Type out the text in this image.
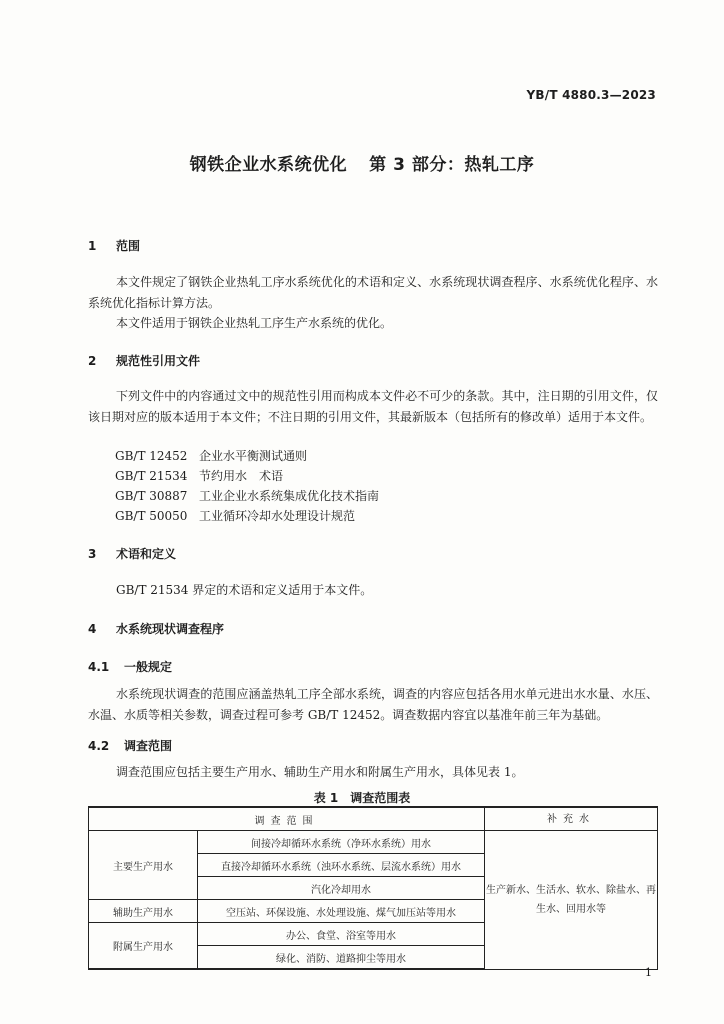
YB/T 4880.3—2023
钢铁企业水系统优化 第 3 部分：热轧工序
1 范围
本文件规定了钢铁企业热轧工序水系统优化的术语和定义、水系统现状调查程序、水系统优化程序、水系统优化指标计算方法。
本文件适用于钢铁企业热轧工序生产水系统的优化。
2 规范性引用文件
下列文件中的内容通过文中的规范性引用而构成本文件必不可少的条款。其中，注日期的引用文件，仅该日期对应的版本适用于本文件；不注日期的引用文件，其最新版本（包括所有的修改单）适用于本文件。
GB/T 12452 企业水平衡测试通则
GB/T 21534 节约用水　术语
GB/T 30887 工业企业水系统集成优化技术指南
GB/T 50050 工业循环冷却水处理设计规范
3 术语和定义
GB/T 21534 界定的术语和定义适用于本文件。
4 水系统现状调查程序
4.1 一般规定
水系统现状调查的范围应涵盖热轧工序全部水系统，调查的内容应包括各用水单元进出水水量、水压、水温、水质等相关参数，调查过程可参考 GB/T 12452。调查数据内容宜以基准年前三年为基础。
4.2 调查范围
调查范围应包括主要生产用水、辅助生产用水和附属生产用水，具体见表 1。
表 1　调查范围表
调查范围		补充水
主要生产用水	间接冷却循环水系统（净环水系统）用水	生产新水、生活水、软水、除盐水、再生水、回用水等
	直接冷却循环水系统（浊环水系统、层流水系统）用水	
	汽化冷却用水	
辅助生产用水	空压站、环保设施、水处理设施、煤气加压站等用水	
附属生产用水	办公、食堂、浴室等用水	
	绿化、消防、道路抑尘等用水	
1
